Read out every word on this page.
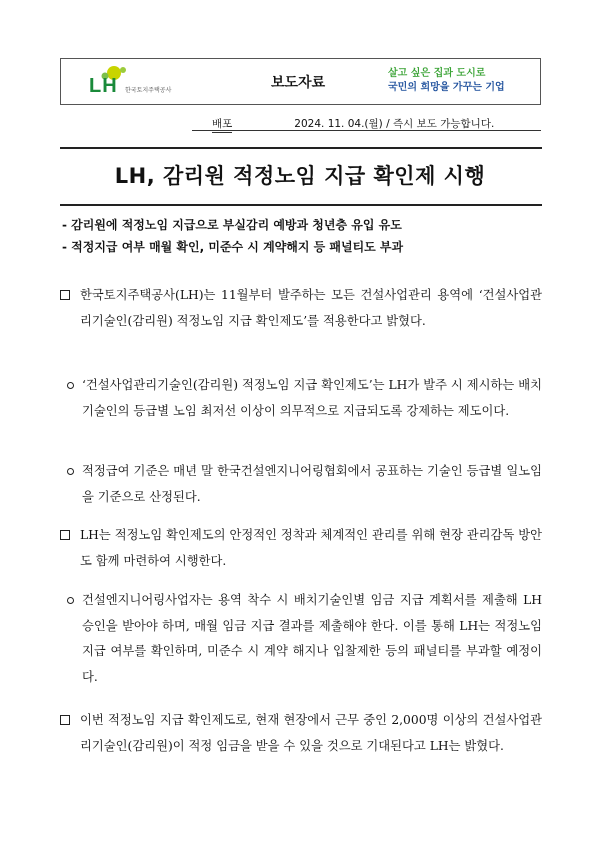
LH 한국토지주택공사	보도자료
살고 싶은 집과 도시로
국민의 희망을 가꾸는 기업
배포	2024. 11. 04.(월) / 즉시 보도 가능합니다.
LH, 감리원 적정노임 지급 확인제 시행
- 감리원에 적정노임 지급으로 부실감리 예방과 청년층 유입 유도
- 적정지급 여부 매월 확인, 미준수 시 계약해지 등 패널티도 부과
한국토지주택공사(LH)는 11월부터 발주하는 모든 건설사업관리 용역에 ‘건설사업관리기술인(감리원) 적정노임 지급 확인제도’를 적용한다고 밝혔다.
‘건설사업관리기술인(감리원) 적정노임 지급 확인제도’는 LH가 발주 시 제시하는 배치기술인의 등급별 노임 최저선 이상이 의무적으로 지급되도록 강제하는 제도이다.
적정급여 기준은 매년 말 한국건설엔지니어링협회에서 공표하는 기술인 등급별 일노임을 기준으로 산정된다.
LH는 적정노임 확인제도의 안정적인 정착과 체계적인 관리를 위해 현장 관리감독 방안도 함께 마련하여 시행한다.
건설엔지니어링사업자는 용역 착수 시 배치기술인별 임금 지급 계획서를 제출해 LH 승인을 받아야 하며, 매월 임금 지급 결과를 제출해야 한다. 이를 통해 LH는 적정노임 지급 여부를 확인하며, 미준수 시 계약 해지나 입찰제한 등의 패널티를 부과할 예정이다.
이번 적정노임 지급 확인제도로, 현재 현장에서 근무 중인 2,000명 이상의 건설사업관리기술인(감리원)이 적정 임금을 받을 수 있을 것으로 기대된다고 LH는 밝혔다.
